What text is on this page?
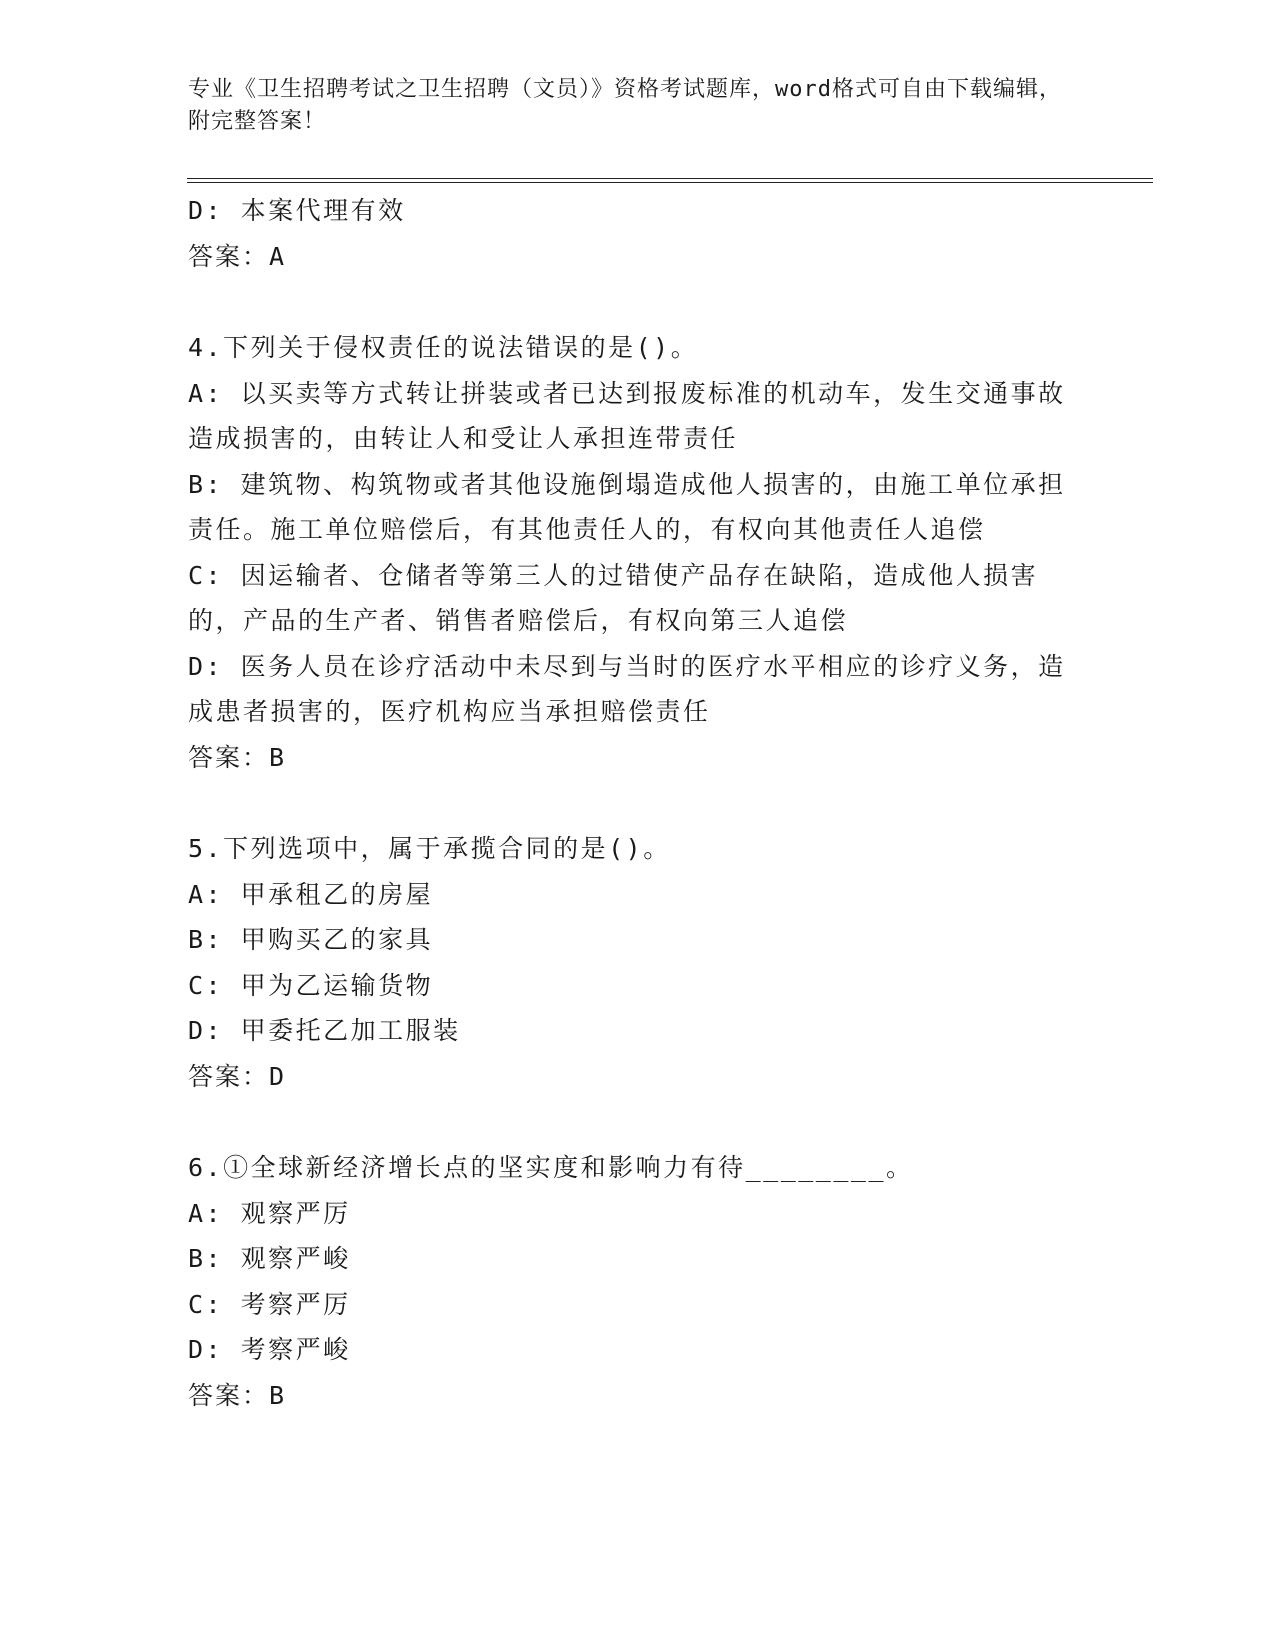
专业《卫生招聘考试之卫生招聘（文员）》资格考试题库，word格式可自由下载编辑，附完整答案！

D: 本案代理有效

答案：A

4.下列关于侵权责任的说法错误的是()。

A: 以买卖等方式转让拼装或者已达到报废标准的机动车，发生交通事故造成损害的，由转让人和受让人承担连带责任

B: 建筑物、构筑物或者其他设施倒塌造成他人损害的，由施工单位承担责任。施工单位赔偿后，有其他责任人的，有权向其他责任人追偿

C: 因运输者、仓储者等第三人的过错使产品存在缺陷，造成他人损害的，产品的生产者、销售者赔偿后，有权向第三人追偿

D: 医务人员在诊疗活动中未尽到与当时的医疗水平相应的诊疗义务，造成患者损害的，医疗机构应当承担赔偿责任

答案：B

5.下列选项中，属于承揽合同的是()。

A: 甲承租乙的房屋

B: 甲购买乙的家具

C: 甲为乙运输货物

D: 甲委托乙加工服装

答案：D

6.①全球新经济增长点的坚实度和影响力有待________。

A: 观察严厉

B: 观察严峻

C: 考察严厉

D: 考察严峻

答案：B
